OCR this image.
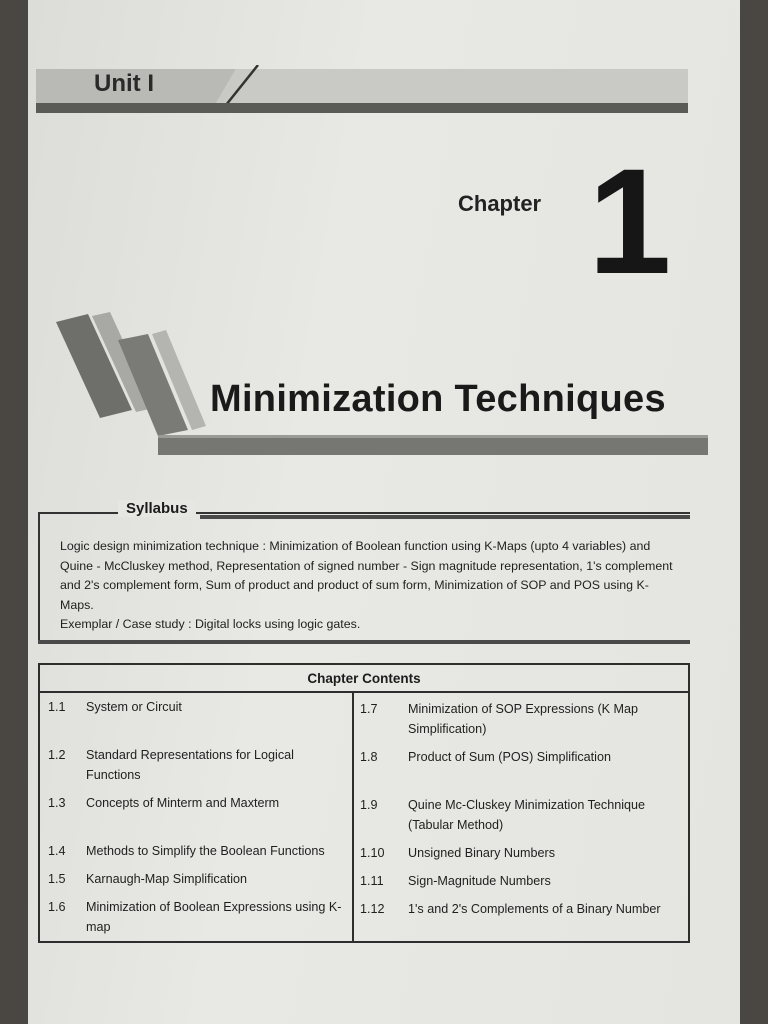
Unit I
Chapter 1
Minimization Techniques
Syllabus

Logic design minimization technique : Minimization of Boolean function using K-Maps (upto 4 variables) and Quine - McCluskey method, Representation of signed number - Sign magnitude representation, 1's complement and 2's complement form, Sum of product and product of sum form, Minimization of SOP and POS using K-Maps.

Exemplar / Case study : Digital locks using logic gates.

Chapter Contents
1.1 System or Circuit
1.2 Standard Representations for Logical Functions
1.3 Concepts of Minterm and Maxterm
1.4 Methods to Simplify the Boolean Functions
1.5 Karnaugh-Map Simplification
1.6 Minimization of Boolean Expressions using K-map
1.7 Minimization of SOP Expressions (K Map Simplification)
1.8 Product of Sum (POS) Simplification
1.9 Quine Mc-Cluskey Minimization Technique (Tabular Method)
1.10 Unsigned Binary Numbers
1.11 Sign-Magnitude Numbers
1.12 1's and 2's Complements of a Binary Number
